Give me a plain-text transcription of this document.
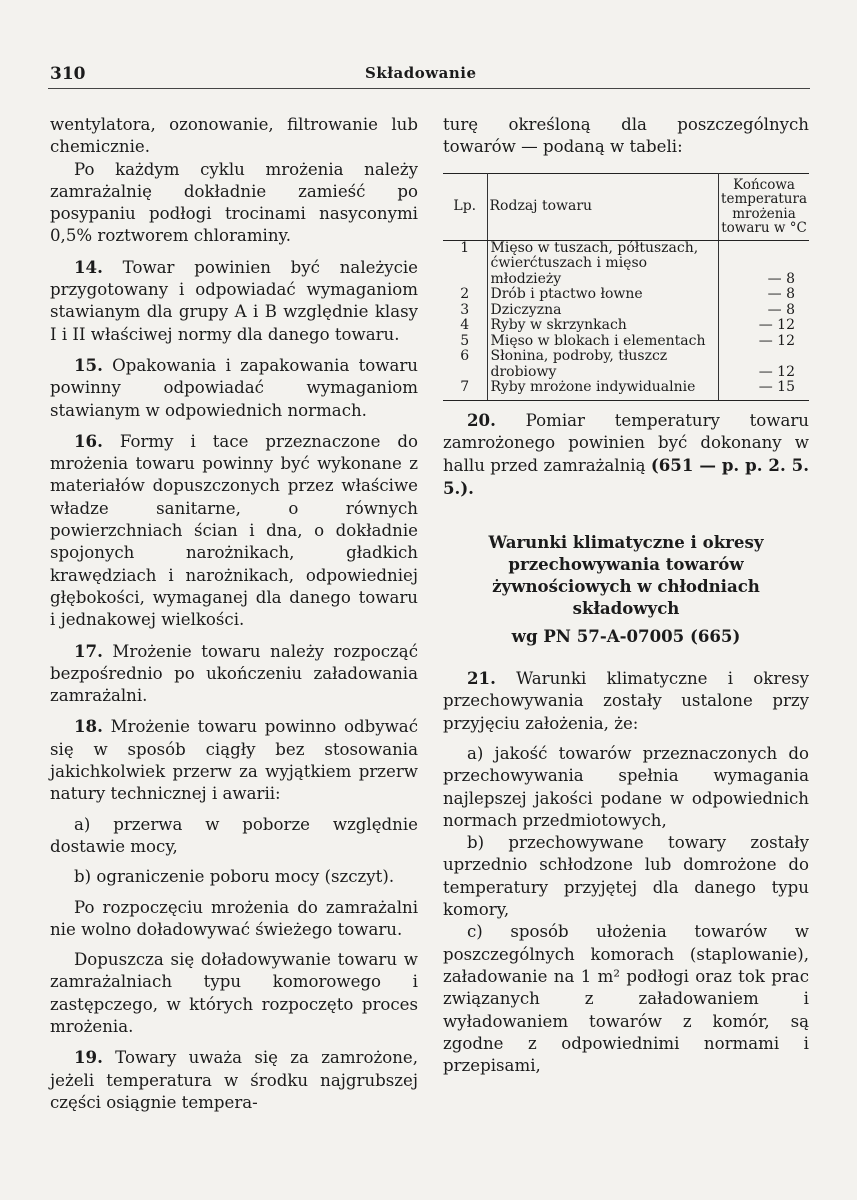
310	Składowanie

wentylatora, ozonowanie, filtrowanie lub chemicznie.

Po każdym cyklu mrożenia należy zamrażalnię dokładnie zamieść po posypaniu podłogi trocinami nasyconymi 0,5% roztworem chloraminy.

14. Towar powinien być należycie przygotowany i odpowiadać wymaganiom stawianym dla grupy A i B względnie klasy I i II właściwej normy dla danego towaru.

15. Opakowania i zapakowania towaru powinny odpowiadać wymaganiom stawianym w odpowiednich normach.

16. Formy i tace przeznaczone do mrożenia towaru powinny być wykonane z materiałów dopuszczonych przez właściwe władze sanitarne, o równych powierzchniach ścian i dna, o dokładnie spojonych narożnikach, gładkich krawędziach i narożnikach, odpowiedniej głębokości, wymaganej dla danego towaru i jednakowej wielkości.

17. Mrożenie towaru należy rozpocząć bezpośrednio po ukończeniu załadowania zamrażalni.

18. Mrożenie towaru powinno odbywać się w sposób ciągły bez stosowania jakichkolwiek przerw za wyjątkiem przerw natury technicznej i awarii:

a) przerwa w poborze względnie dostawie mocy,

b) ograniczenie poboru mocy (szczyt).

Po rozpoczęciu mrożenia do zamrażalni nie wolno doładowywać świeżego towaru.

Dopuszcza się doładowywanie towaru w zamrażalniach typu komorowego i zastępczego, w których rozpoczęto proces mrożenia.

19. Towary uważa się za zamrożone, jeżeli temperatura w środku najgrubszej części osiągnie tempera-

turę określoną dla poszczególnych towarów — podaną w tabeli:

Lp.	Rodzaj towaru	Końcowa temperatura mrożenia towaru w °C
1	Mięso w tuszach, półtuszach, ćwierćtuszach i mięso młodzieży	— 8
2	Drób i ptactwo łowne	— 8
3	Dziczyzna	— 8
4	Ryby w skrzynkach	— 12
5	Mięso w blokach i elementach	— 12
6	Słonina, podroby, tłuszcz drobiowy	— 12
7	Ryby mrożone indywidualnie	— 15

20. Pomiar temperatury towaru zamrożonego powinien być dokonany w hallu przed zamrażalnią (651 — p. p. 2. 5. 5.).

Warunki klimatyczne i okresy przechowywania towarów żywnościowych w chłodniach składowych
wg PN 57-A-07005 (665)

21. Warunki klimatyczne i okresy przechowywania zostały ustalone przy przyjęciu założenia, że:

a) jakość towarów przeznaczonych do przechowywania spełnia wymagania najlepszej jakości podane w odpowiednich normach przedmiotowych,

b) przechowywane towary zostały uprzednio schłodzone lub domrożone do temperatury przyjętej dla danego typu komory,

c) sposób ułożenia towarów w poszczególnych komorach (staplowanie), załadowanie na 1 m² podłogi oraz tok prac związanych z załadowaniem i wyładowaniem towarów z komór, są zgodne z odpowiednimi normami i przepisami,
